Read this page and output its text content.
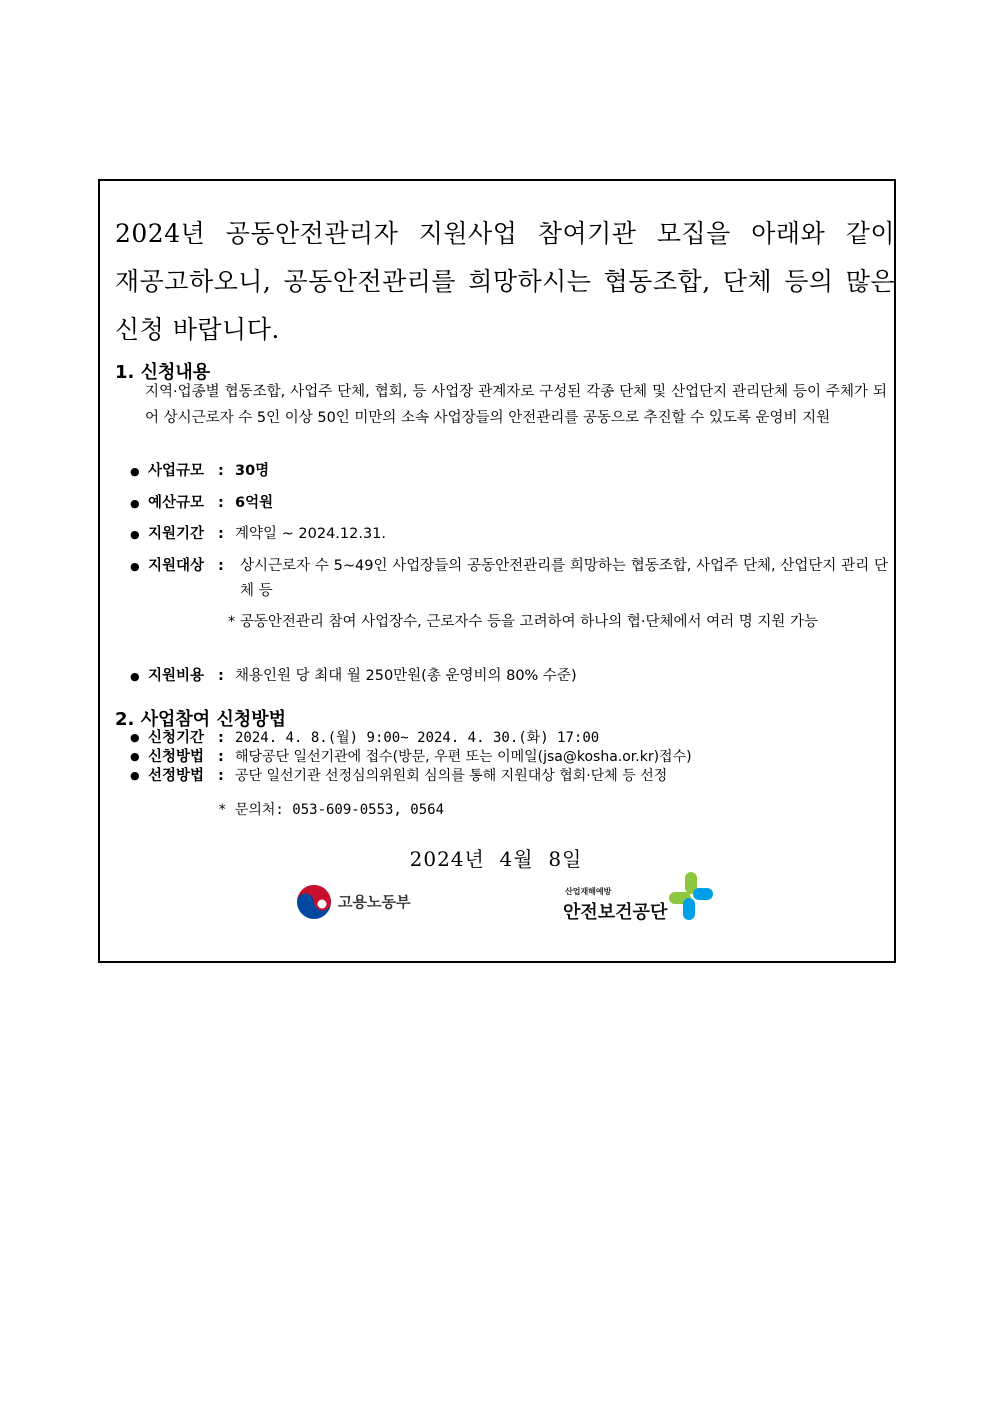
2024년 공동안전관리자 지원사업 참여기관 모집을 아래와 같이
재공고하오니, 공동안전관리를 희망하시는 협동조합, 단체 등의 많은
신청 바랍니다.
1. 신청내용
지역·업종별 협동조합, 사업주 단체, 협회, 등 사업장 관계자로 구성된 각종 단체 및 산업단지 관리단체 등이 주체가 되어 상시근로자 수 5인 이상 50인 미만의 소속 사업장들의 안전관리를 공동으로 추진할 수 있도록 운영비 지원
● 사업규모 : 30명
● 예산규모 : 6억원
● 지원기간 : 계약일 ~ 2024.12.31.
● 지원대상 : 상시근로자 수 5~49인 사업장들의 공동안전관리를 희망하는 협동조합, 사업주 단체, 산업단지 관리 단체 등
* 공동안전관리 참여 사업장수, 근로자수 등을 고려하여 하나의 협·단체에서 여러 명 지원 가능
● 지원비용 : 채용인원 당 최대 월 250만원(총 운영비의 80% 수준)
2. 사업참여 신청방법
● 신청기간 : 2024. 4. 8.(월) 9:00~ 2024. 4. 30.(화) 17:00
● 신청방법 : 해당공단 일선기관에 접수(방문, 우편 또는 이메일(jsa@kosha.or.kr)접수)
● 선정방법 : 공단 일선기관 선정심의위원회 심의를 통해 지원대상 협회·단체 등 선정
* 문의처: 053-609-0553, 0564
2024년  4월  8일
고용노동부
산업재해예방
안전보건공단
